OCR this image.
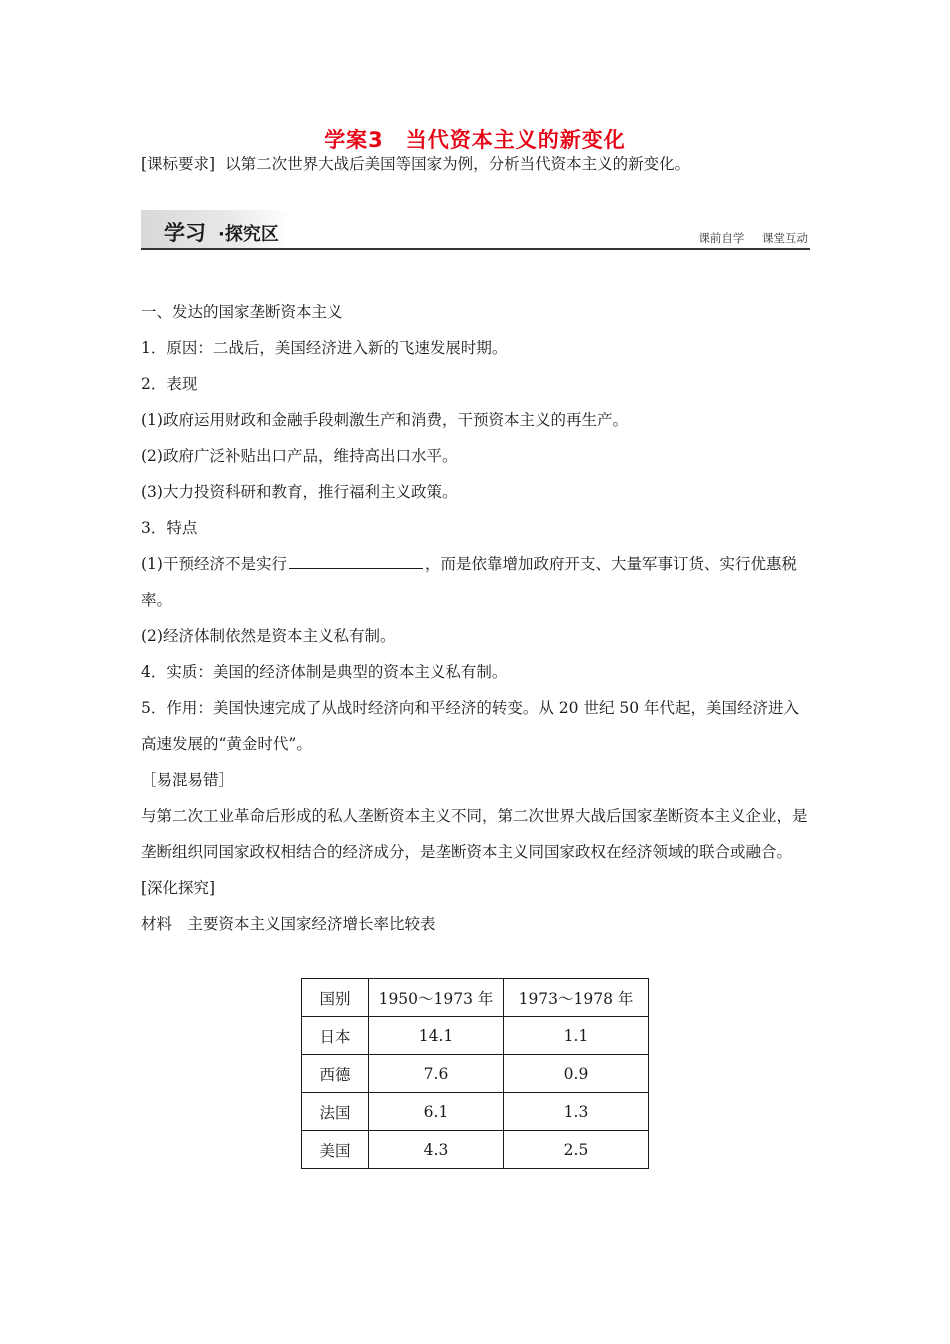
学案3　当代资本主义的新变化
[课标要求] 以第二次世界大战后美国等国家为例，分析当代资本主义的新变化。
学习 ·探究区	课前自学 课堂互动

一、发达的国家垄断资本主义

1．原因：二战后，美国经济进入新的飞速发展时期。

2．表现

(1)政府运用财政和金融手段刺激生产和消费，干预资本主义的再生产。

(2)政府广泛补贴出口产品，维持高出口水平。

(3)大力投资科研和教育，推行福利主义政策。

3．特点

(1)干预经济不是实行	，而是依靠增加政府开支、大量军事订货、实行优惠税率。

(2)经济体制依然是资本主义私有制。

4．实质：美国的经济体制是典型的资本主义私有制。

5．作用：美国快速完成了从战时经济向和平经济的转变。从 20 世纪 50 年代起，美国经济进入高速发展的“黄金时代”。

［易混易错］

与第二次工业革命后形成的私人垄断资本主义不同，第二次世界大战后国家垄断资本主义企业，是垄断组织同国家政权相结合的经济成分，是垄断资本主义同国家政权在经济领域的联合或融合。

[深化探究]

材料　主要资本主义国家经济增长率比较表

国别	1950～1973 年	1973～1978 年
日本	14.1	1.1
西德	7.6	0.9
法国	6.1	1.3
美国	4.3	2.5
